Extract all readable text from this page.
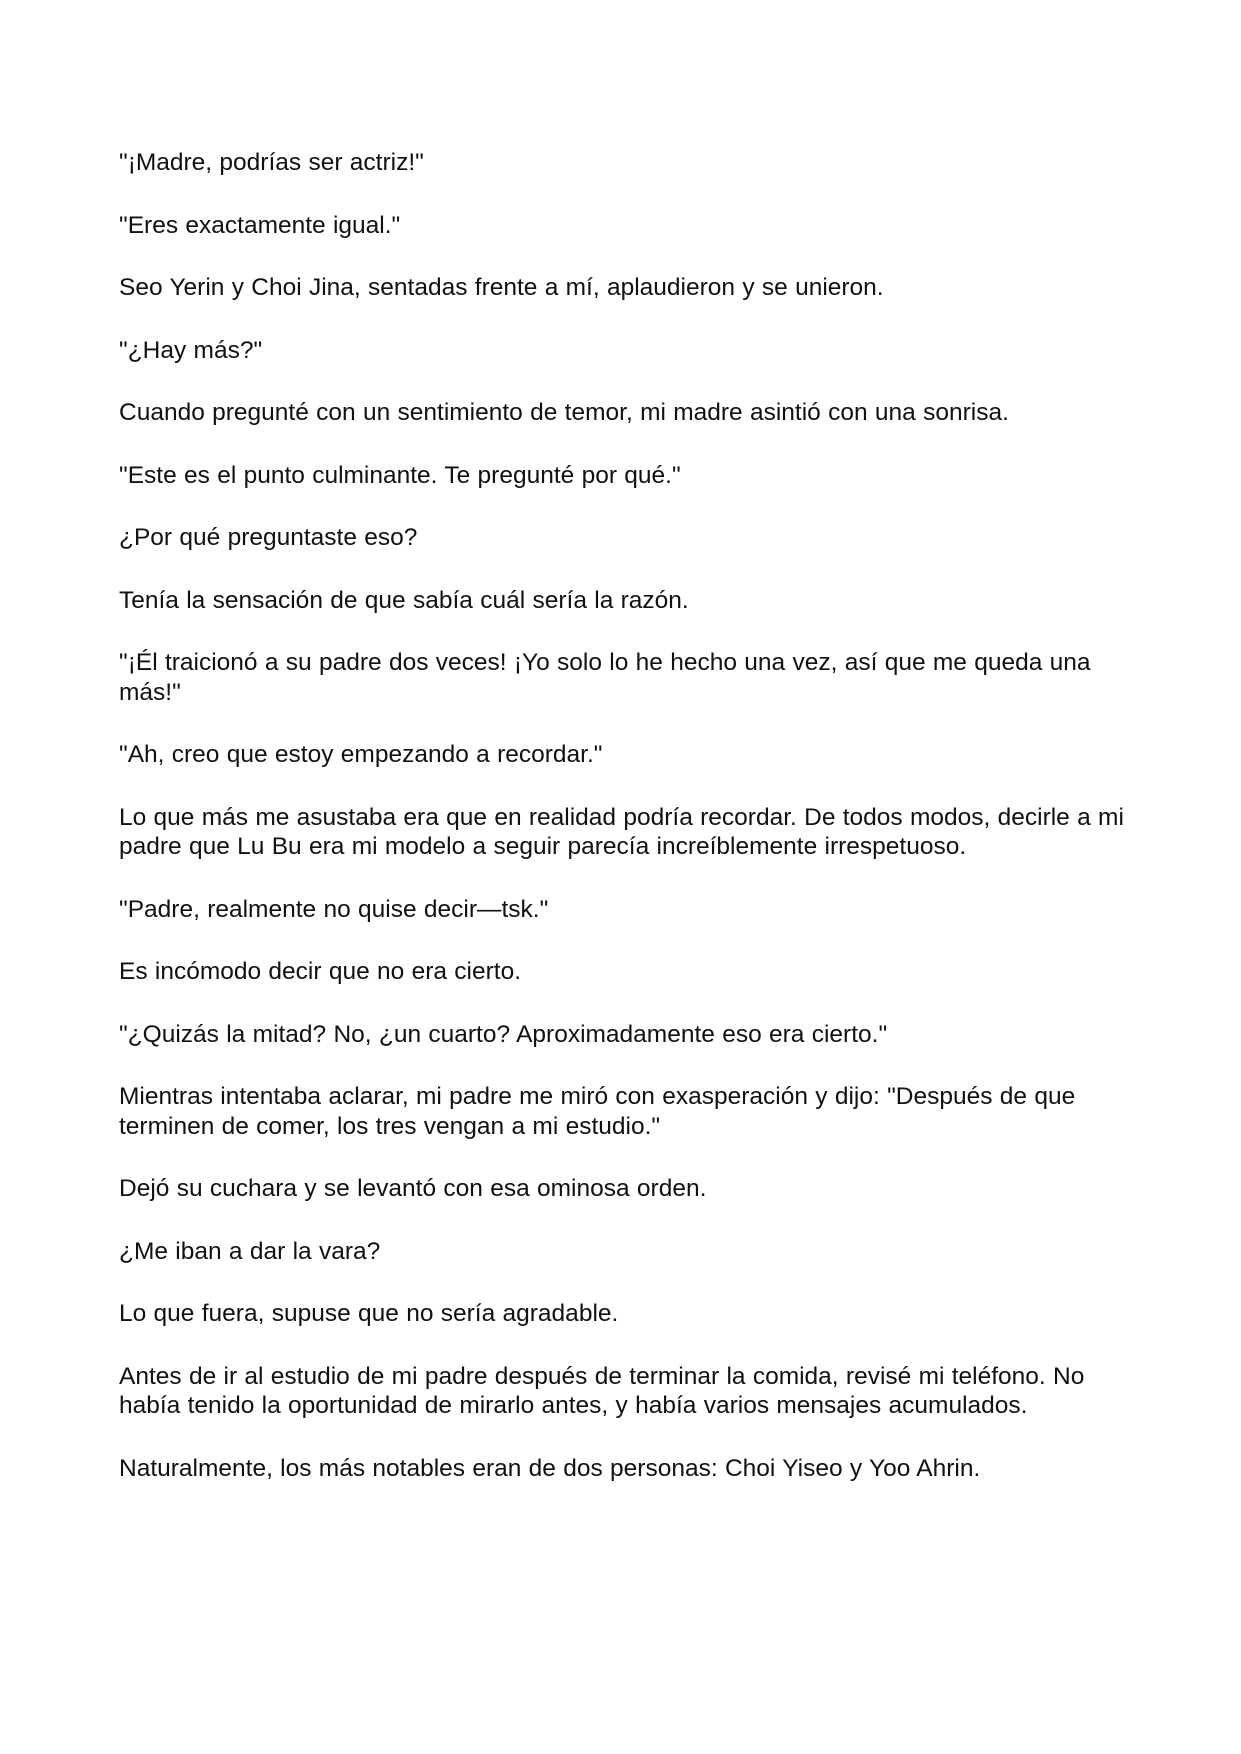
"¡Madre, podrías ser actriz!"

"Eres exactamente igual."

Seo Yerin y Choi Jina, sentadas frente a mí, aplaudieron y se unieron.

"¿Hay más?"

Cuando pregunté con un sentimiento de temor, mi madre asintió con una sonrisa.

"Este es el punto culminante. Te pregunté por qué."

¿Por qué preguntaste eso?

Tenía la sensación de que sabía cuál sería la razón.

"¡Él traicionó a su padre dos veces! ¡Yo solo lo he hecho una vez, así que me queda una más!"

"Ah, creo que estoy empezando a recordar."

Lo que más me asustaba era que en realidad podría recordar. De todos modos, decirle a mi padre que Lu Bu era mi modelo a seguir parecía increíblemente irrespetuoso.

"Padre, realmente no quise decir—tsk."

Es incómodo decir que no era cierto.

"¿Quizás la mitad? No, ¿un cuarto? Aproximadamente eso era cierto."

Mientras intentaba aclarar, mi padre me miró con exasperación y dijo: "Después de que terminen de comer, los tres vengan a mi estudio."

Dejó su cuchara y se levantó con esa ominosa orden.

¿Me iban a dar la vara?

Lo que fuera, supuse que no sería agradable.

Antes de ir al estudio de mi padre después de terminar la comida, revisé mi teléfono. No había tenido la oportunidad de mirarlo antes, y había varios mensajes acumulados.

Naturalmente, los más notables eran de dos personas: Choi Yiseo y Yoo Ahrin.
